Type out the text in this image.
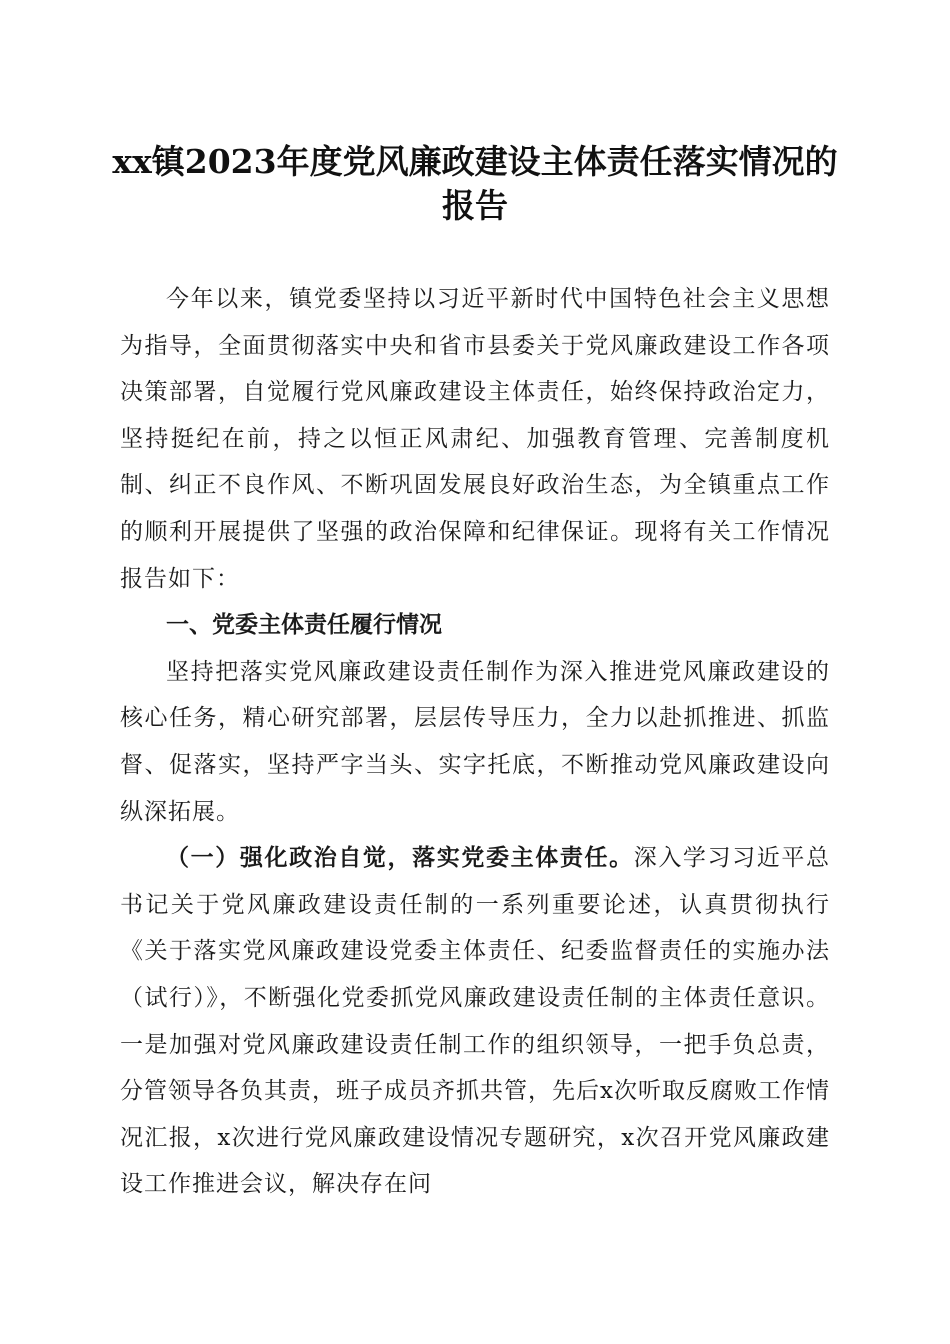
xx镇2023年度党风廉政建设主体责任落实情况的报告

今年以来，镇党委坚持以习近平新时代中国特色社会主义思想为指导，全面贯彻落实中央和省市县委关于党风廉政建设工作各项决策部署，自觉履行党风廉政建设主体责任，始终保持政治定力，坚持挺纪在前，持之以恒正风肃纪、加强教育管理、完善制度机制、纠正不良作风、不断巩固发展良好政治生态，为全镇重点工作的顺利开展提供了坚强的政治保障和纪律保证。现将有关工作情况报告如下：

一、党委主体责任履行情况

坚持把落实党风廉政建设责任制作为深入推进党风廉政建设的核心任务，精心研究部署，层层传导压力，全力以赴抓推进、抓监督、促落实，坚持严字当头、实字托底，不断推动党风廉政建设向纵深拓展。

（一）强化政治自觉，落实党委主体责任。深入学习习近平总书记关于党风廉政建设责任制的一系列重要论述，认真贯彻执行《关于落实党风廉政建设党委主体责任、纪委监督责任的实施办法（试行）》，不断强化党委抓党风廉政建设责任制的主体责任意识。一是加强对党风廉政建设责任制工作的组织领导，一把手负总责，分管领导各负其责，班子成员齐抓共管，先后x次听取反腐败工作情况汇报，x次进行党风廉政建设情况专题研究，x次召开党风廉政建设工作推进会议，解决存在问
